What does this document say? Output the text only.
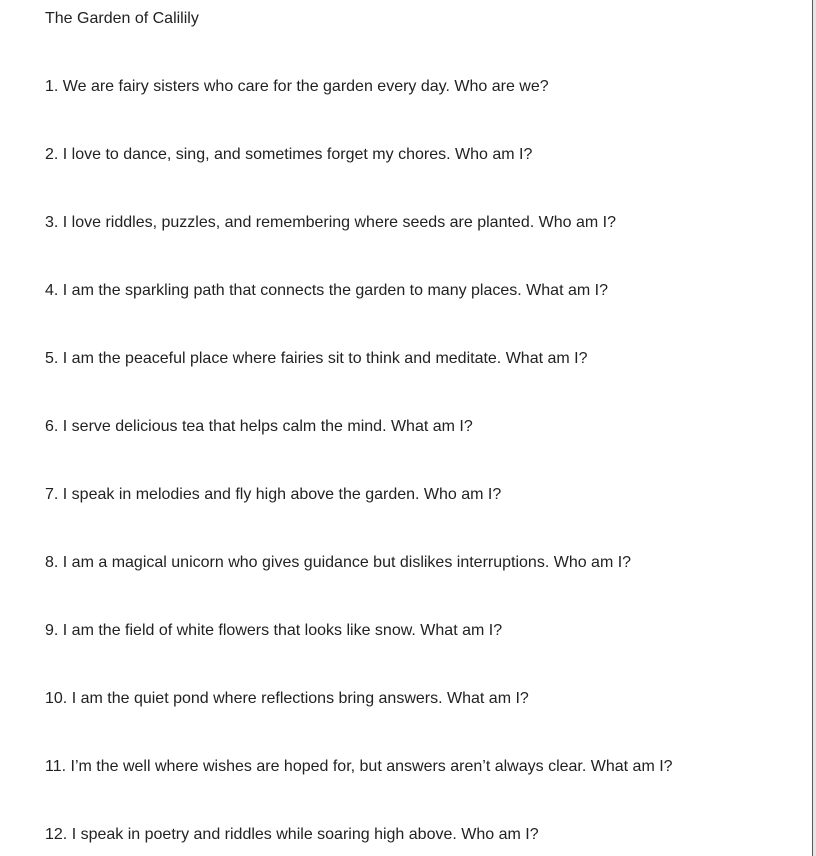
The Garden of Calilily
1. We are fairy sisters who care for the garden every day. Who are we?
2. I love to dance, sing, and sometimes forget my chores. Who am I?
3. I love riddles, puzzles, and remembering where seeds are planted. Who am I?
4. I am the sparkling path that connects the garden to many places. What am I?
5. I am the peaceful place where fairies sit to think and meditate. What am I?
6. I serve delicious tea that helps calm the mind. What am I?
7. I speak in melodies and fly high above the garden. Who am I?
8. I am a magical unicorn who gives guidance but dislikes interruptions. Who am I?
9. I am the field of white flowers that looks like snow. What am I?
10. I am the quiet pond where reflections bring answers. What am I?
11. I’m the well where wishes are hoped for, but answers aren’t always clear. What am I?
12. I speak in poetry and riddles while soaring high above. Who am I?
